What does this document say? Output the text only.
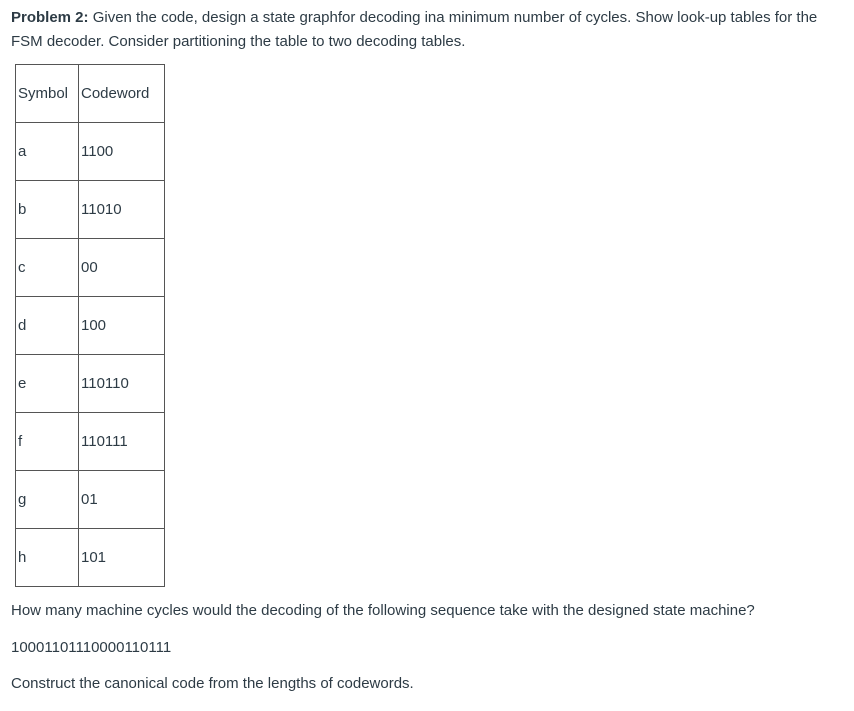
Problem 2: Given the code, design a state graphfor decoding ina minimum number of cycles. Show look-up tables for the FSM decoder. Consider partitioning the table to two decoding tables.
Symbol	Codeword
a	1100
b	11010
c	00
d	100
e	110110
f	110111
g	01
h	101
How many machine cycles would the decoding of the following sequence take with the designed state machine?
10001101110000110111
Construct the canonical code from the lengths of codewords.
